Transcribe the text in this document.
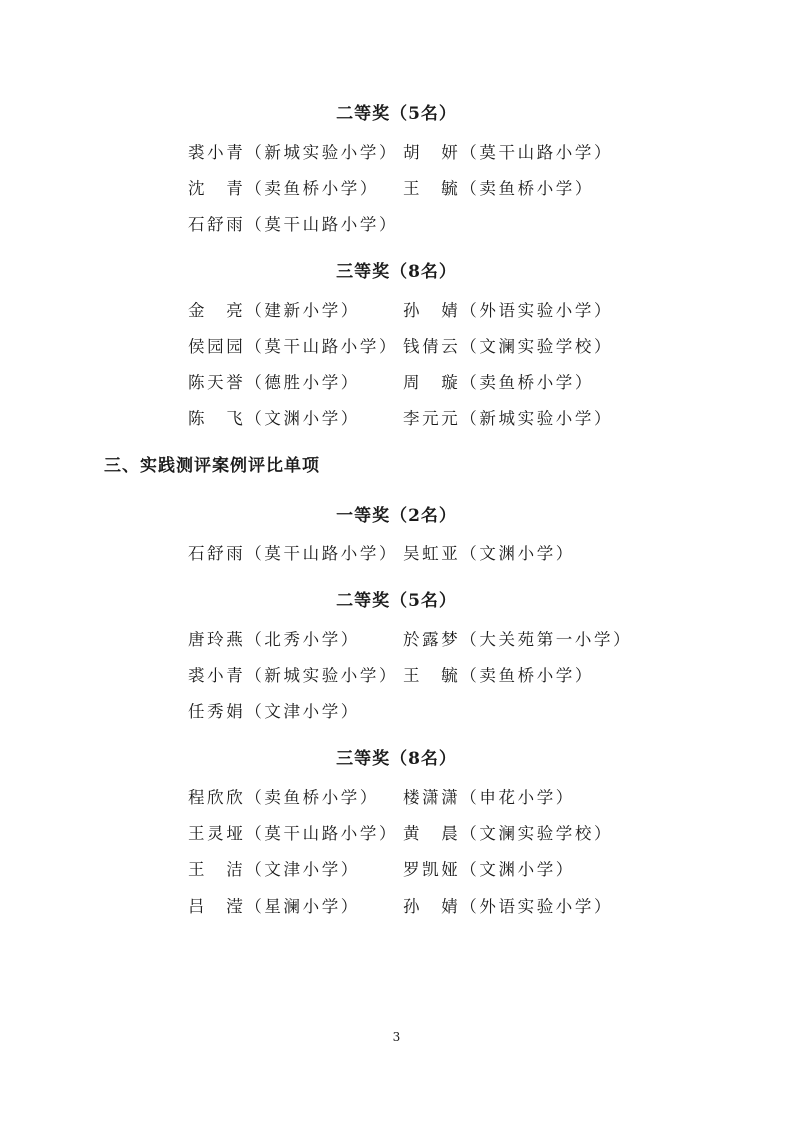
二等奖（5名）
裘小青（新城实验小学） 胡　妍（莫干山路小学）
沈　青（卖鱼桥小学） 王　毓（卖鱼桥小学）
石舒雨（莫干山路小学）
三等奖（8名）
金　亮（建新小学）	孙　婧（外语实验小学）
侯园园（莫干山路小学） 钱倩云（文澜实验学校）
陈天誉（德胜小学）	周　璇（卖鱼桥小学）
陈　飞（文渊小学）	李元元（新城实验小学）
三、实践测评案例评比单项
一等奖（2名）
石舒雨（莫干山路小学） 吴虹亚（文渊小学）
二等奖（5名）
唐玲燕（北秀小学）	於露梦（大关苑第一小学）
裘小青（新城实验小学） 王　毓（卖鱼桥小学）
任秀娟（文津小学）
三等奖（8名）
程欣欣（卖鱼桥小学） 楼潇潇（申花小学）
王灵垭（莫干山路小学） 黄　晨（文澜实验学校）
王　洁（文津小学）	罗凯娅（文渊小学）
吕　滢（星澜小学）	孙　婧（外语实验小学）
3
